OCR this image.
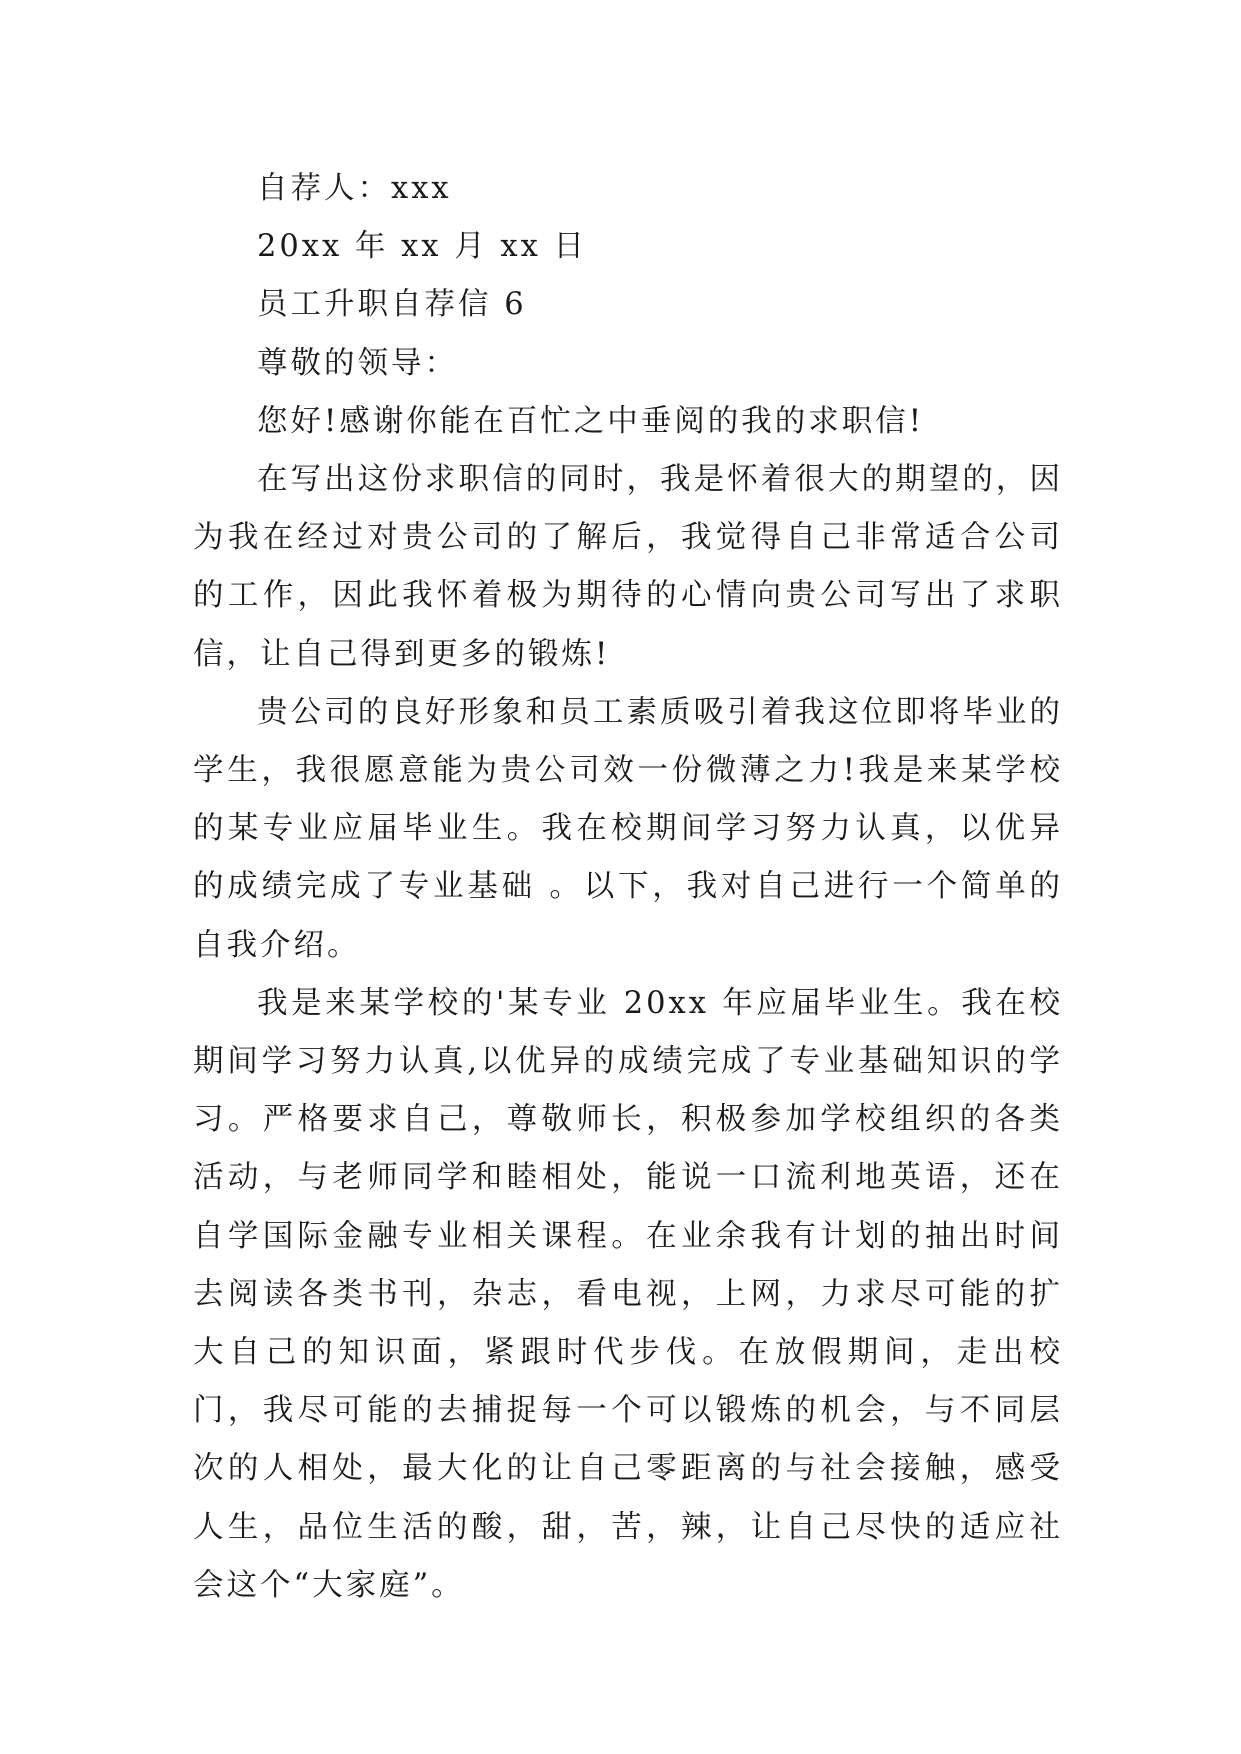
自荐人：xxx

20xx 年 xx 月 xx 日

员工升职自荐信 6

尊敬的领导：

您好!感谢你能在百忙之中垂阅的我的求职信!

在写出这份求职信的同时，我是怀着很大的期望的，因为我在经过对贵公司的了解后，我觉得自己非常适合公司的工作，因此我怀着极为期待的心情向贵公司写出了求职信，让自己得到更多的锻炼!

贵公司的良好形象和员工素质吸引着我这位即将毕业的学生，我很愿意能为贵公司效一份微薄之力!我是来某学校的某专业应届毕业生。我在校期间学习努力认真，以优异的成绩完成了专业基础 。以下，我对自己进行一个简单的自我介绍。

我是来某学校的'某专业 20xx 年应届毕业生。我在校期间学习努力认真,以优异的成绩完成了专业基础知识的学习。严格要求自己，尊敬师长，积极参加学校组织的各类活动，与老师同学和睦相处，能说一口流利地英语，还在自学国际金融专业相关课程。在业余我有计划的抽出时间去阅读各类书刊，杂志，看电视，上网，力求尽可能的扩大自己的知识面，紧跟时代步伐。在放假期间，走出校门，我尽可能的去捕捉每一个可以锻炼的机会，与不同层次的人相处，最大化的让自己零距离的与社会接触，感受人生，品位生活的酸，甜，苦，辣，让自己尽快的适应社会这个“大家庭”。
